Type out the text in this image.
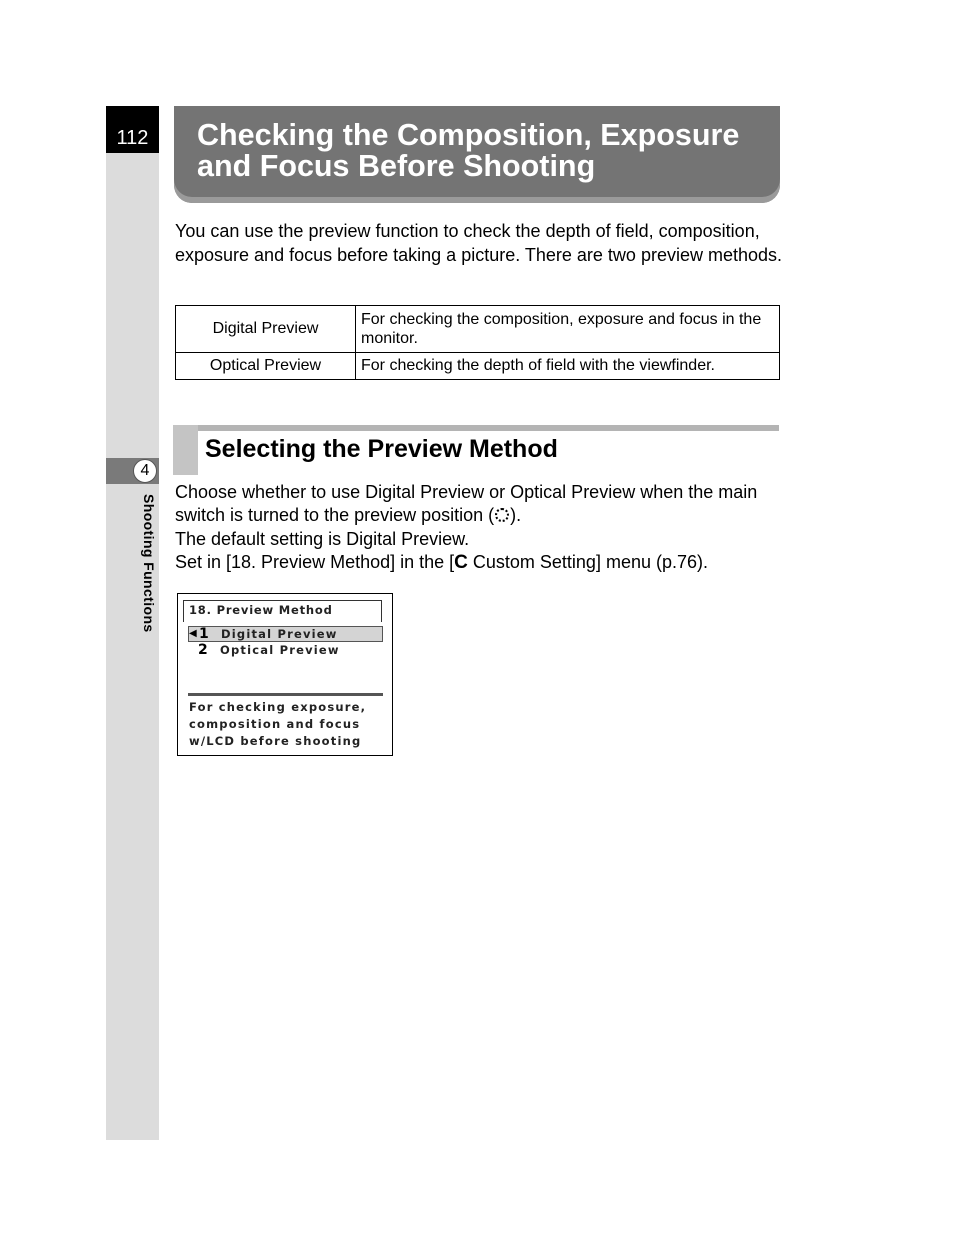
112
4
Shooting Functions
Checking the Composition, Exposure
and Focus Before Shooting

You can use the preview function to check the depth of field, composition, exposure and focus before taking a picture. There are two preview methods.

Digital Preview	For checking the composition, exposure and focus in the monitor.
Optical Preview	For checking the depth of field with the viewfinder.
Selecting the Preview Method

Choose whether to use Digital Preview or Optical Preview when the main switch is turned to the preview position ( ).
The default setting is Digital Preview.
Set in [18. Preview Method] in the [C Custom Setting] menu (p.76).

18. Preview Method
◀ 1 Digital Preview
2 Optical Preview

For checking exposure,
composition and focus
w/LCD before shooting
